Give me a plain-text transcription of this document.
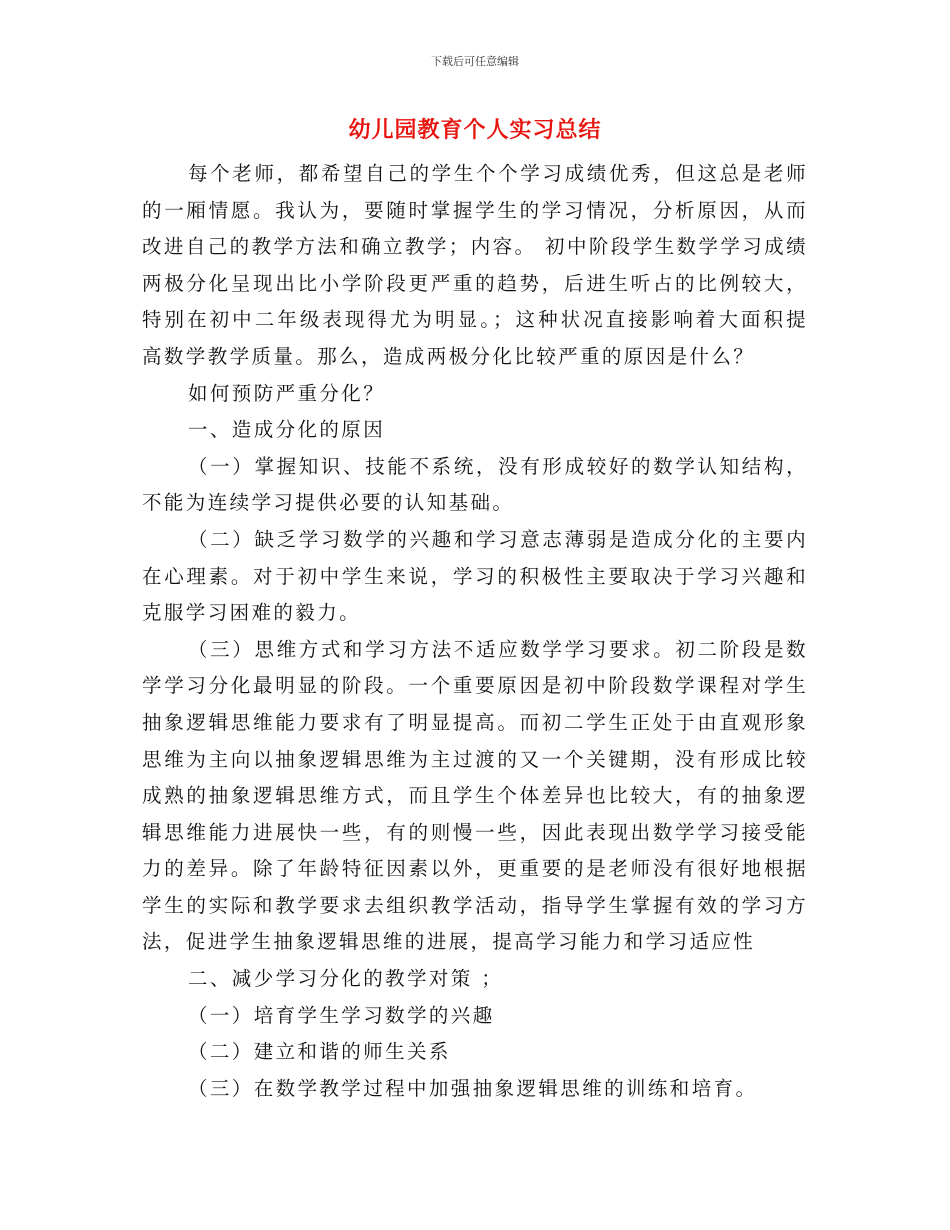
下载后可任意编辑
幼儿园教育个人实习总结

每个老师，都希望自己的学生个个学习成绩优秀，但这总是老师的一厢情愿。我认为，要随时掌握学生的学习情况，分析原因，从而改进自己的教学方法和确立教学；内容。 初中阶段学生数学学习成绩两极分化呈现出比小学阶段更严重的趋势，后进生听占的比例较大，特别在初中二年级表现得尤为明显。；这种状况直接影响着大面积提高数学教学质量。那么，造成两极分化比较严重的原因是什么？

如何预防严重分化？

一、造成分化的原因

（一）掌握知识、技能不系统，没有形成较好的数学认知结构，不能为连续学习提供必要的认知基础。

（二）缺乏学习数学的兴趣和学习意志薄弱是造成分化的主要内在心理素。对于初中学生来说，学习的积极性主要取决于学习兴趣和克服学习困难的毅力。

（三）思维方式和学习方法不适应数学学习要求。初二阶段是数学学习分化最明显的阶段。一个重要原因是初中阶段数学课程对学生抽象逻辑思维能力要求有了明显提高。而初二学生正处于由直观形象思维为主向以抽象逻辑思维为主过渡的又一个关键期，没有形成比较成熟的抽象逻辑思维方式，而且学生个体差异也比较大，有的抽象逻辑思维能力进展快一些，有的则慢一些，因此表现出数学学习接受能力的差异。除了年龄特征因素以外，更重要的是老师没有很好地根据学生的实际和教学要求去组织教学活动，指导学生掌握有效的学习方法，促进学生抽象逻辑思维的进展，提高学习能力和学习适应性

二、减少学习分化的教学对策 ；

（一）培育学生学习数学的兴趣

（二）建立和谐的师生关系

（三）在数学教学过程中加强抽象逻辑思维的训练和培育。
